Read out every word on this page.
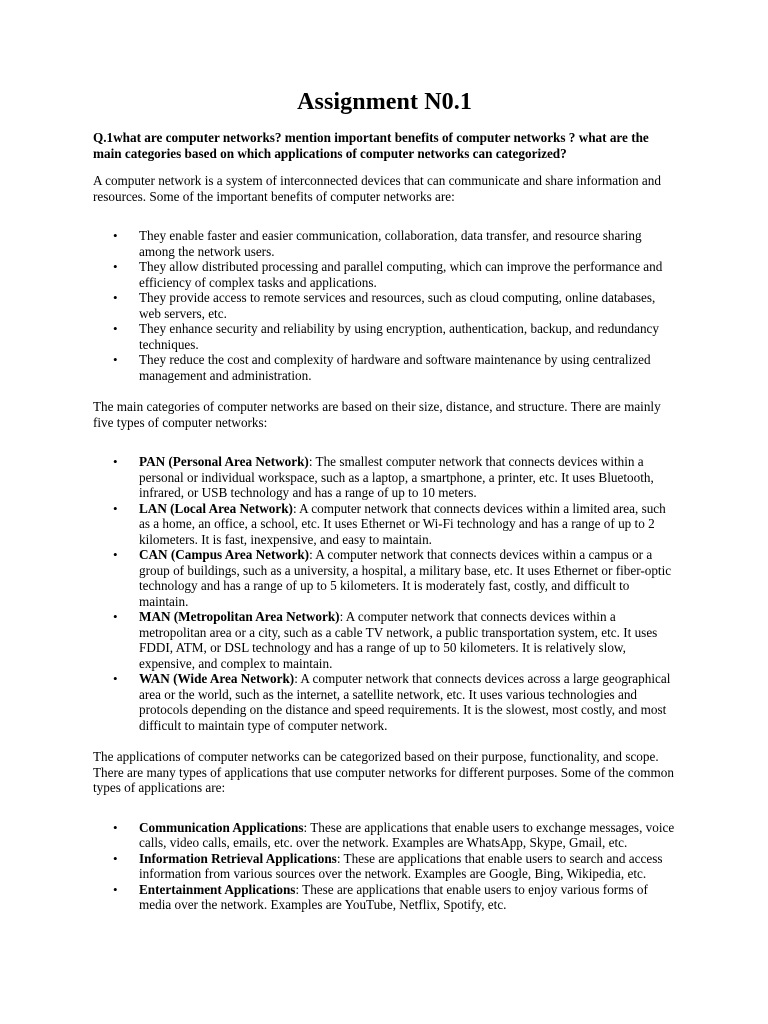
Assignment N0.1
Q.1what are computer networks? mention important benefits of computer networks ? what are the main categories based on which applications of computer networks can categorized?

A computer network is a system of interconnected devices that can communicate and share information and resources. Some of the important benefits of computer networks are:

• They enable faster and easier communication, collaboration, data transfer, and resource sharing among the network users.
• They allow distributed processing and parallel computing, which can improve the performance and efficiency of complex tasks and applications.
• They provide access to remote services and resources, such as cloud computing, online databases, web servers, etc.
• They enhance security and reliability by using encryption, authentication, backup, and redundancy techniques.
• They reduce the cost and complexity of hardware and software maintenance by using centralized management and administration.

The main categories of computer networks are based on their size, distance, and structure. There are mainly five types of computer networks:

• PAN (Personal Area Network): The smallest computer network that connects devices within a personal or individual workspace, such as a laptop, a smartphone, a printer, etc. It uses Bluetooth, infrared, or USB technology and has a range of up to 10 meters.
• LAN (Local Area Network): A computer network that connects devices within a limited area, such as a home, an office, a school, etc. It uses Ethernet or Wi-Fi technology and has a range of up to 2 kilometers. It is fast, inexpensive, and easy to maintain.
• CAN (Campus Area Network): A computer network that connects devices within a campus or a group of buildings, such as a university, a hospital, a military base, etc. It uses Ethernet or fiber-optic technology and has a range of up to 5 kilometers. It is moderately fast, costly, and difficult to maintain.
• MAN (Metropolitan Area Network): A computer network that connects devices within a metropolitan area or a city, such as a cable TV network, a public transportation system, etc. It uses FDDI, ATM, or DSL technology and has a range of up to 50 kilometers. It is relatively slow, expensive, and complex to maintain.
• WAN (Wide Area Network): A computer network that connects devices across a large geographical area or the world, such as the internet, a satellite network, etc. It uses various technologies and protocols depending on the distance and speed requirements. It is the slowest, most costly, and most difficult to maintain type of computer network.

The applications of computer networks can be categorized based on their purpose, functionality, and scope. There are many types of applications that use computer networks for different purposes. Some of the common types of applications are:

• Communication Applications: These are applications that enable users to exchange messages, voice calls, video calls, emails, etc. over the network. Examples are WhatsApp, Skype, Gmail, etc.
• Information Retrieval Applications: These are applications that enable users to search and access information from various sources over the network. Examples are Google, Bing, Wikipedia, etc.
• Entertainment Applications: These are applications that enable users to enjoy various forms of media over the network. Examples are YouTube, Netflix, Spotify, etc.
